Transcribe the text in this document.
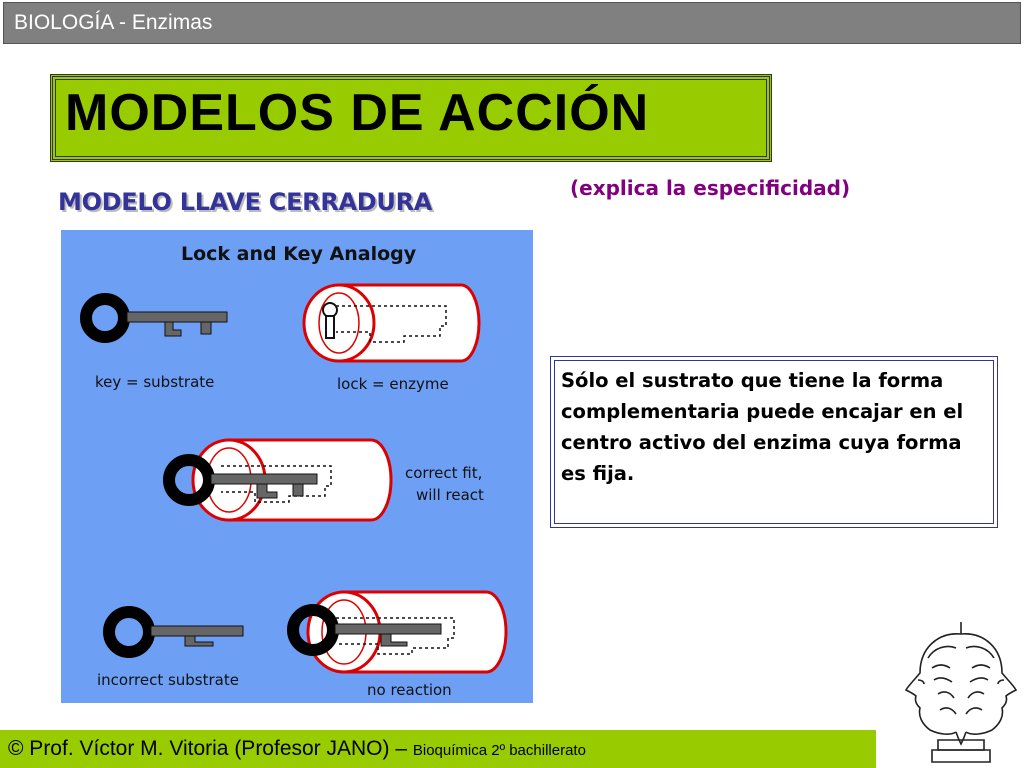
BIOLOGÍA - Enzimas
MODELOS DE ACCIÓN
MODELO LLAVE CERRADURA	(explica la especificidad)
Lock and Key Analogy
key = substrate	lock = enzyme
correct fit,
will react
incorrect substrate
no reaction
Sólo el sustrato que tiene la forma complementaria puede encajar en el centro activo del enzima cuya forma es fija.
© Prof. Víctor M. Vitoria (Profesor JANO) – Bioquímica 2º bachillerato
